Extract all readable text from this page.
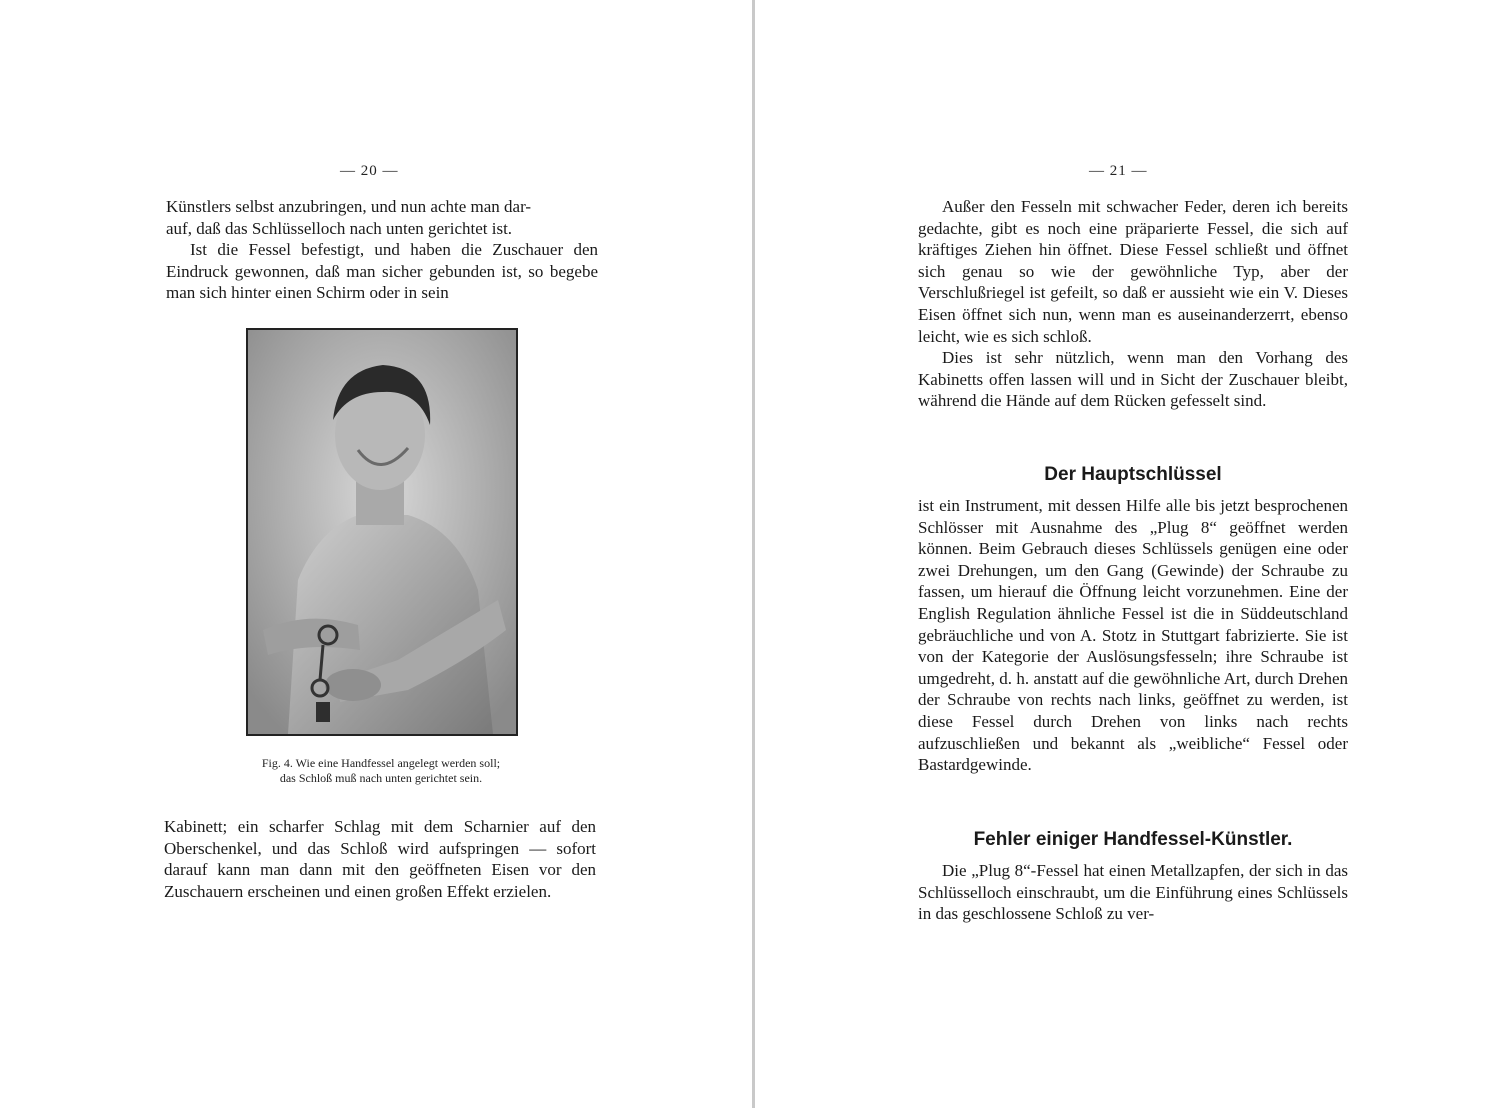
— 20 —

Künstlers selbst anzubringen, und nun achte man dar-

auf, daß das Schlüsselloch nach unten gerichtet ist.

Ist die Fessel befestigt, und haben die Zuschauer den Eindruck gewonnen, daß man sicher gebunden ist, so begebe man sich hinter einen Schirm oder in sein

Fig. 4. Wie eine Handfessel angelegt werden soll;
das Schloß muß nach unten gerichtet sein.

Kabinett; ein scharfer Schlag mit dem Scharnier auf den Oberschenkel, und das Schloß wird aufspringen — sofort darauf kann man dann mit den geöffneten Eisen vor den Zuschauern erscheinen und einen großen Effekt erzielen.

— 21 —

Außer den Fesseln mit schwacher Feder, deren ich bereits gedachte, gibt es noch eine präparierte Fessel, die sich auf kräftiges Ziehen hin öffnet. Diese Fessel schließt und öffnet sich genau so wie der gewöhnliche Typ, aber der Verschlußriegel ist gefeilt, so daß er aussieht wie ein V. Dieses Eisen öffnet sich nun, wenn man es auseinanderzerrt, ebenso leicht, wie es sich schloß.

Dies ist sehr nützlich, wenn man den Vorhang des Kabinetts offen lassen will und in Sicht der Zuschauer bleibt, während die Hände auf dem Rücken gefesselt sind.

Der Hauptschlüssel

ist ein Instrument, mit dessen Hilfe alle bis jetzt besprochenen Schlösser mit Ausnahme des „Plug 8“ geöffnet werden können. Beim Gebrauch dieses Schlüssels genügen eine oder zwei Drehungen, um den Gang (Gewinde) der Schraube zu fassen, um hierauf die Öffnung leicht vorzunehmen. Eine der English Regulation ähnliche Fessel ist die in Süddeutschland gebräuchliche und von A. Stotz in Stuttgart fabrizierte. Sie ist von der Kategorie der Auslösungsfesseln; ihre Schraube ist umgedreht, d. h. anstatt auf die gewöhnliche Art, durch Drehen der Schraube von rechts nach links, geöffnet zu werden, ist diese Fessel durch Drehen von links nach rechts aufzuschließen und bekannt als „weibliche“ Fessel oder Bastardgewinde.

Fehler einiger Handfessel-Künstler.

Die „Plug 8“-Fessel hat einen Metallzapfen, der sich in das Schlüsselloch einschraubt, um die Einführung eines Schlüssels in das geschlossene Schloß zu ver-
